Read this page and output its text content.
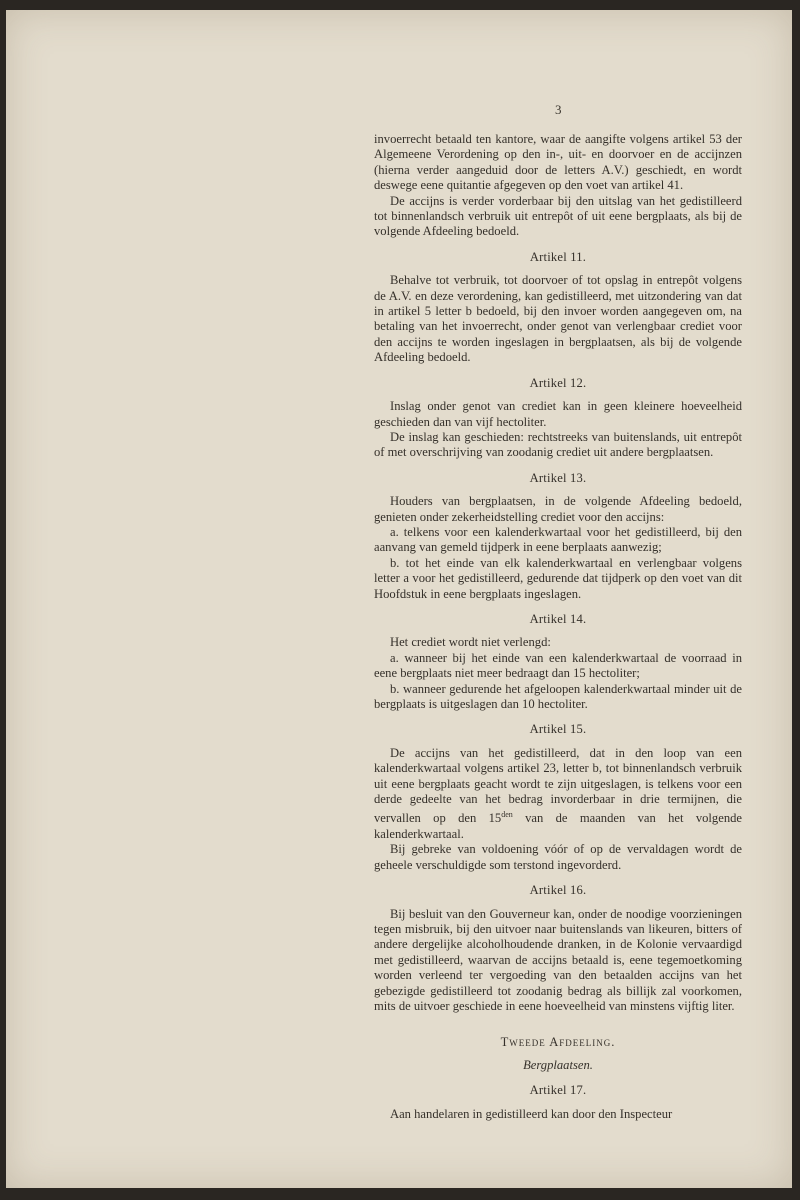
3

invoerrecht betaald ten kantore, waar de aangifte volgens artikel 53 der Algemeene Verordening op den in-, uit- en doorvoer en de accijnzen (hierna verder aangeduid door de letters A.V.) geschiedt, en wordt deswege eene quitantie afgegeven op den voet van artikel 41.

De accijns is verder vorderbaar bij den uitslag van het gedistilleerd tot binnenlandsch verbruik uit entrepôt of uit eene bergplaats, als bij de volgende Afdeeling bedoeld.

Artikel 11.

Behalve tot verbruik, tot doorvoer of tot opslag in entrepôt volgens de A.V. en deze verordening, kan gedistilleerd, met uitzondering van dat in artikel 5 letter b bedoeld, bij den invoer worden aangegeven om, na betaling van het invoerrecht, onder genot van verlengbaar crediet voor den accijns te worden ingeslagen in bergplaatsen, als bij de volgende Afdeeling bedoeld.

Artikel 12.

Inslag onder genot van crediet kan in geen kleinere hoeveelheid geschieden dan van vijf hectoliter.

De inslag kan geschieden: rechtstreeks van buitenslands, uit entrepôt of met overschrijving van zoodanig crediet uit andere bergplaatsen.

Artikel 13.

Houders van bergplaatsen, in de volgende Afdeeling bedoeld, genieten onder zekerheidstelling crediet voor den accijns:

a. telkens voor een kalenderkwartaal voor het gedistilleerd, bij den aanvang van gemeld tijdperk in eene berplaats aanwezig;

b. tot het einde van elk kalenderkwartaal en verlengbaar volgens letter a voor het gedistilleerd, gedurende dat tijdperk op den voet van dit Hoofdstuk in eene bergplaats ingeslagen.

Artikel 14.

Het crediet wordt niet verlengd:

a. wanneer bij het einde van een kalenderkwartaal de voorraad in eene bergplaats niet meer bedraagt dan 15 hectoliter;

b. wanneer gedurende het afgeloopen kalenderkwartaal minder uit de bergplaats is uitgeslagen dan 10 hectoliter.

Artikel 15.

De accijns van het gedistilleerd, dat in den loop van een kalenderkwartaal volgens artikel 23, letter b, tot binnenlandsch verbruik uit eene bergplaats geacht wordt te zijn uitgeslagen, is telkens voor een derde gedeelte van het bedrag invorderbaar in drie termijnen, die vervallen op den $15^{den}$ van de maanden van het volgende kalenderkwartaal.

Bij gebreke van voldoening vóór of op de vervaldagen wordt de geheele verschuldigde som terstond ingevorderd.

Artikel 16.

Bij besluit van den Gouverneur kan, onder de noodige voorzieningen tegen misbruik, bij den uitvoer naar buitenslands van likeuren, bitters of andere dergelijke alcoholhoudende dranken, in de Kolonie vervaardigd met gedistilleerd, waarvan de accijns betaald is, eene tegemoetkoming worden verleend ter vergoeding van den betaalden accijns van het gebezigde gedistilleerd tot zoodanig bedrag als billijk zal voorkomen, mits de uitvoer geschiede in eene hoeveelheid van minstens vijftig liter.

Tweede Afdeeling.
Bergplaatsen.
Artikel 17.

Aan handelaren in gedistilleerd kan door den Inspecteur
